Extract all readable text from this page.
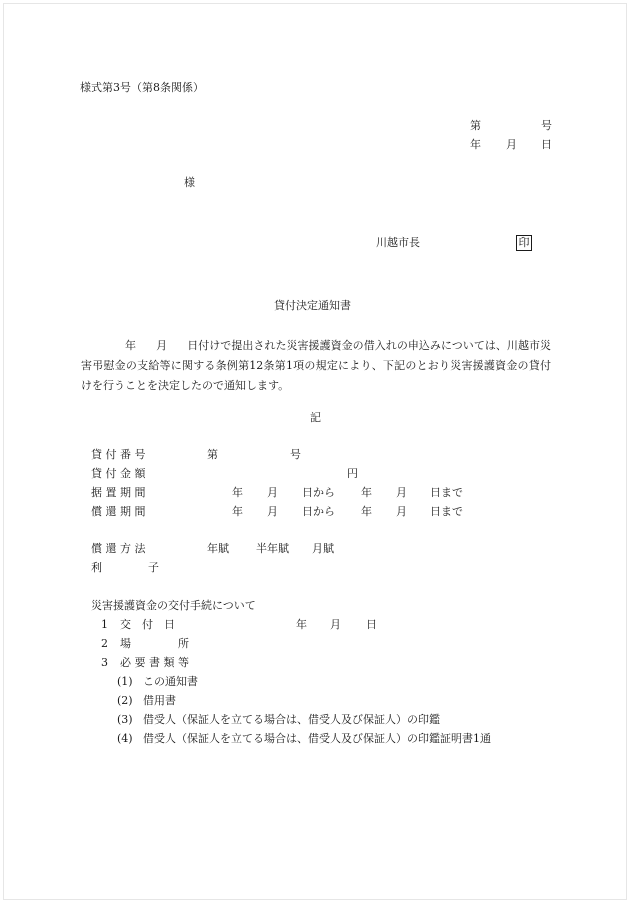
様式第3号（第8条関係）
第	号
年 月 日
様
川越市長	印
貸付決定通知書
年 月 日付けで提出された災害援護資金の借入れの申込みについては、川越市災害弔慰金の支給等に関する条例第12条第1項の規定により、下記のとおり災害援護資金の貸付けを行うことを決定したので通知します。
記
貸 付 番 号	第	号
貸 付 金 額	円
据 置 期 間	年 月 日から 年 月 日まで
償 還 期 間	年 月 日から 年 月 日まで
償 還 方 法	年賦 半年賦 月賦
利	子
災害援護資金の交付手続について
1 交　付　日	年 月 日
2 場	所
3 必 要 書 類 等
(1) この通知書
(2) 借用書
(3) 借受人（保証人を立てる場合は、借受人及び保証人）の印鑑
(4) 借受人（保証人を立てる場合は、借受人及び保証人）の印鑑証明書1通
